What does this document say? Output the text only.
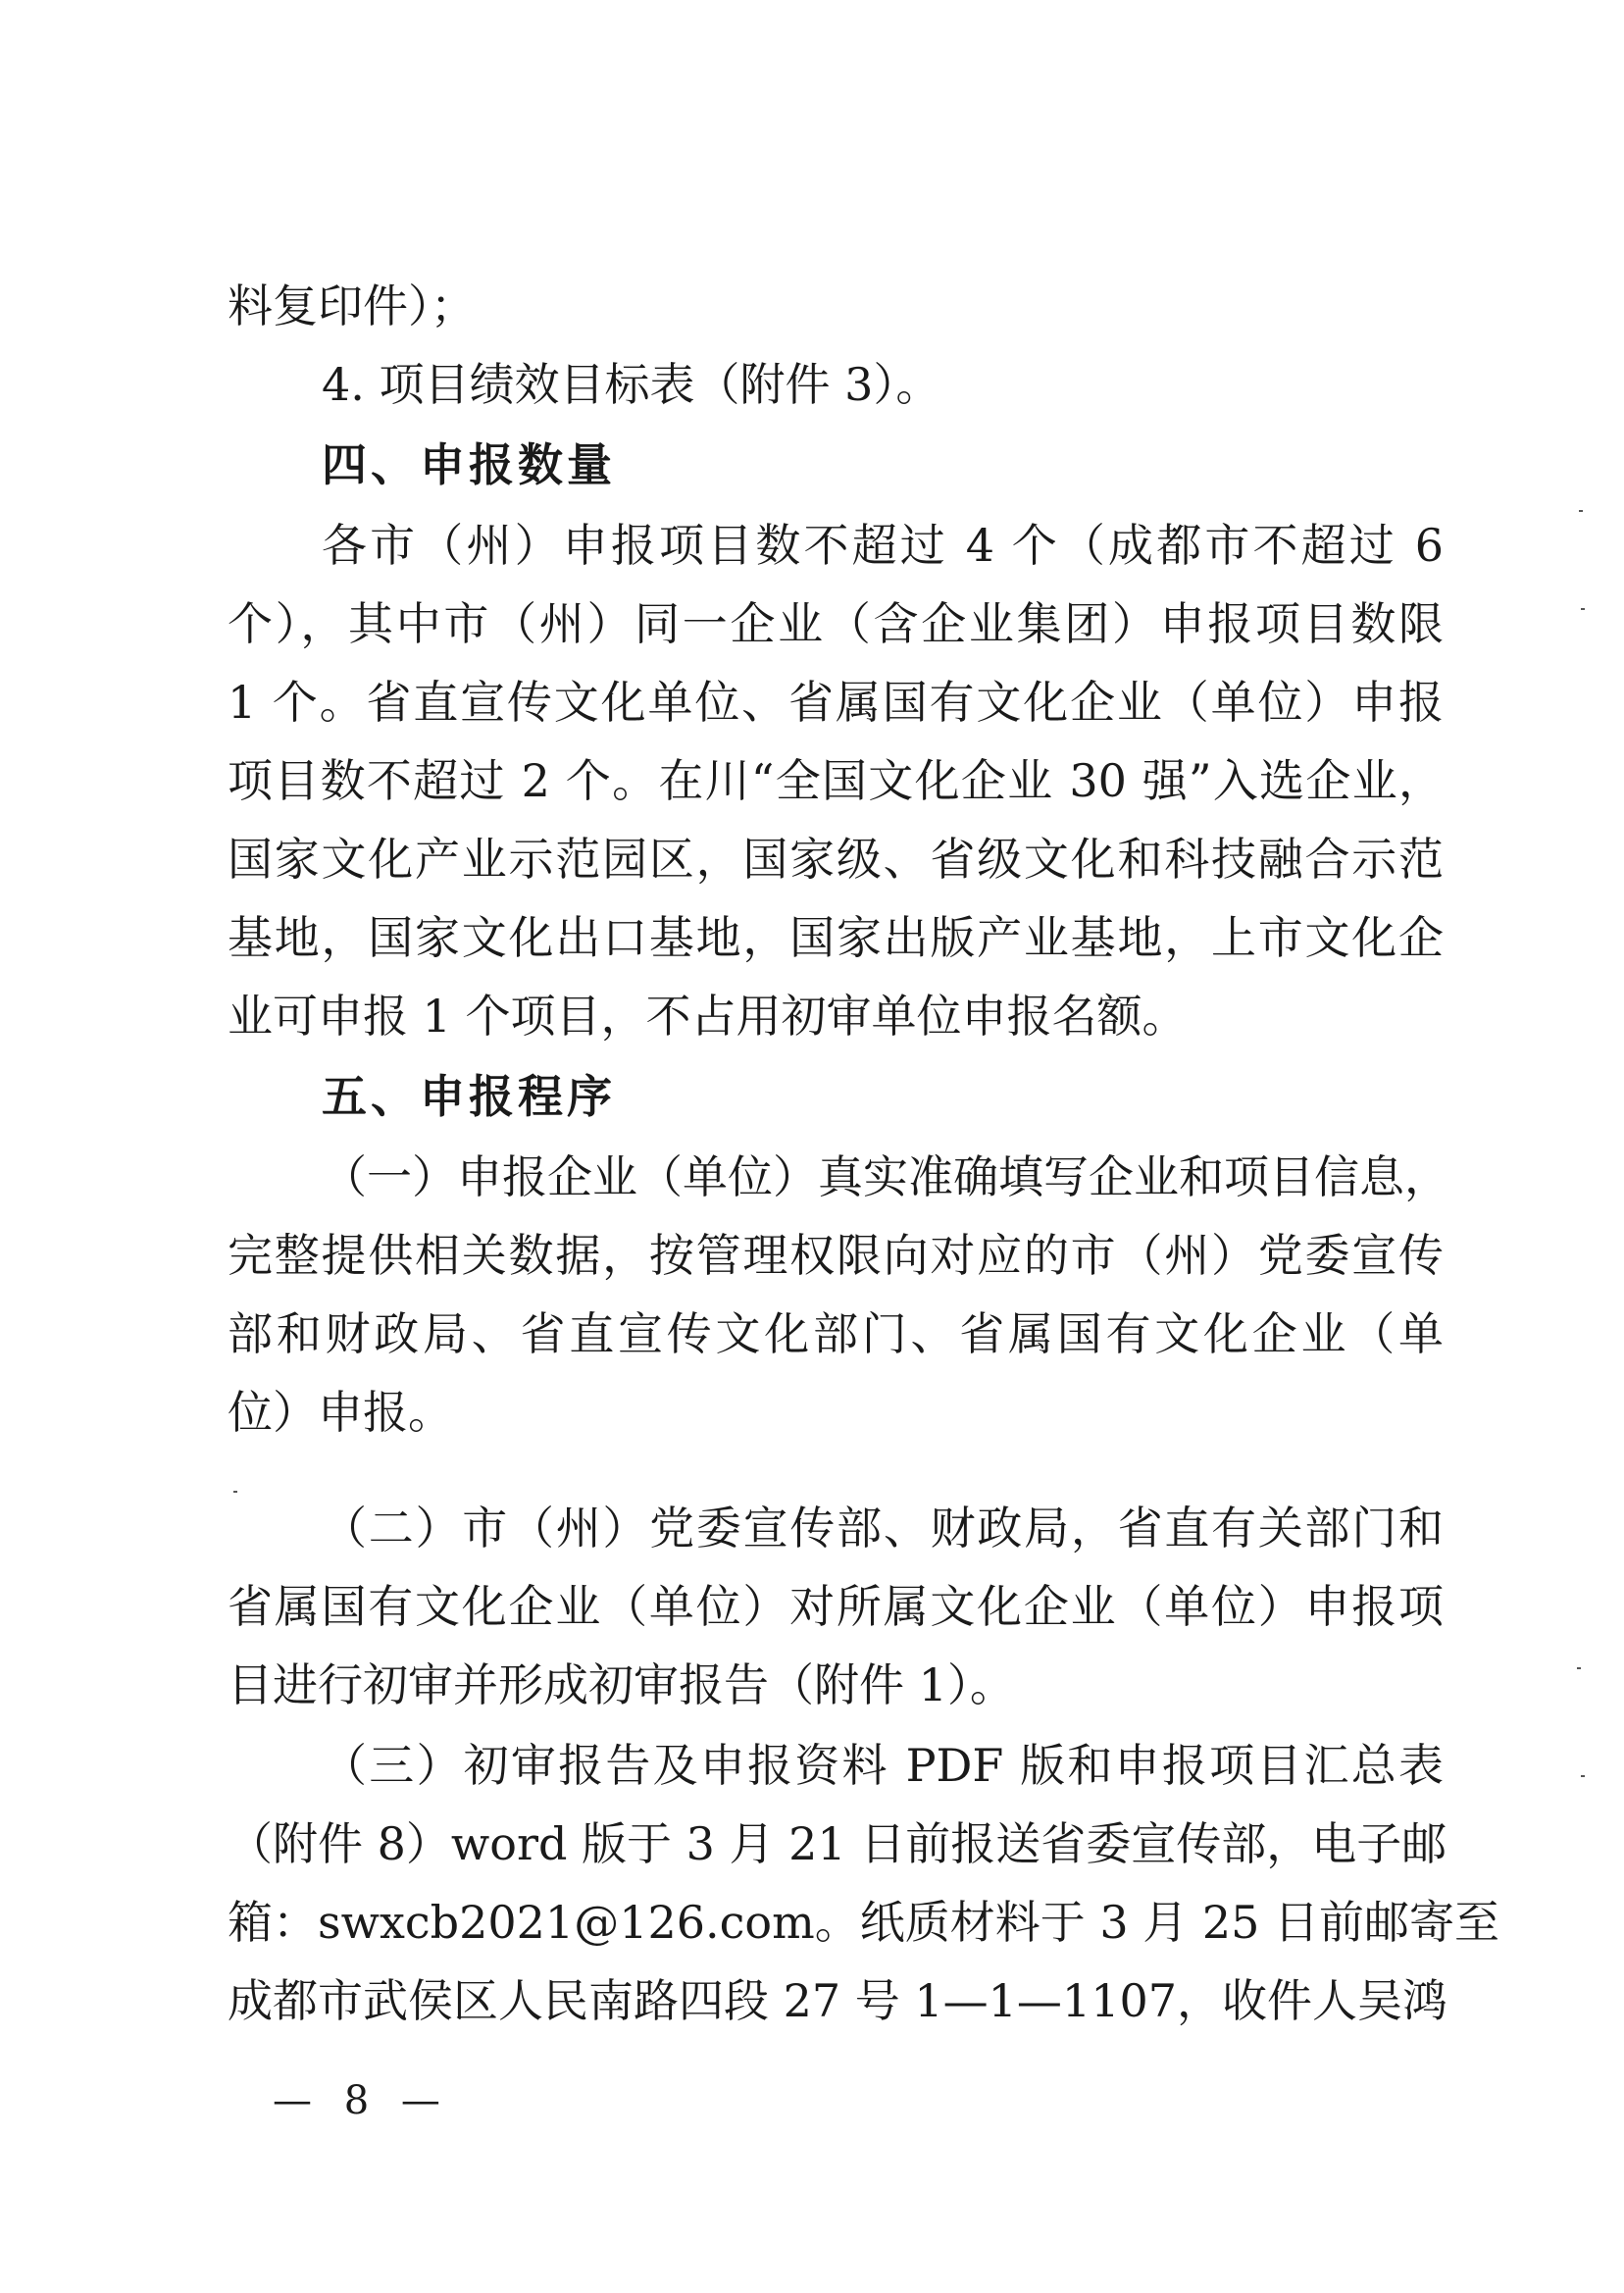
料复印件）；
4. 项目绩效目标表（附件 3）。
四、申报数量
各市（州）申报项目数不超过 4 个（成都市不超过 6
个），其中市（州）同一企业（含企业集团）申报项目数限
1 个。省直宣传文化单位、省属国有文化企业（单位）申报
项目数不超过 2 个。在川“全国文化企业 30 强”入选企业，
国家文化产业示范园区，国家级、省级文化和科技融合示范
基地，国家文化出口基地，国家出版产业基地，上市文化企
业可申报 1 个项目，不占用初审单位申报名额。
五、申报程序
（一）申报企业（单位）真实准确填写企业和项目信息，
完整提供相关数据，按管理权限向对应的市（州）党委宣传
部和财政局、省直宣传文化部门、省属国有文化企业（单
位）申报。
（二）市（州）党委宣传部、财政局，省直有关部门和
省属国有文化企业（单位）对所属文化企业（单位）申报项
目进行初审并形成初审报告（附件 1）。
（三）初审报告及申报资料 PDF 版和申报项目汇总表
（附件 8）word 版于 3 月 21 日前报送省委宣传部，电子邮
箱：swxcb2021@126.com。纸质材料于 3 月 25 日前邮寄至
成都市武侯区人民南路四段 27 号 1—1—1107，收件人吴鸿
— 8 —
